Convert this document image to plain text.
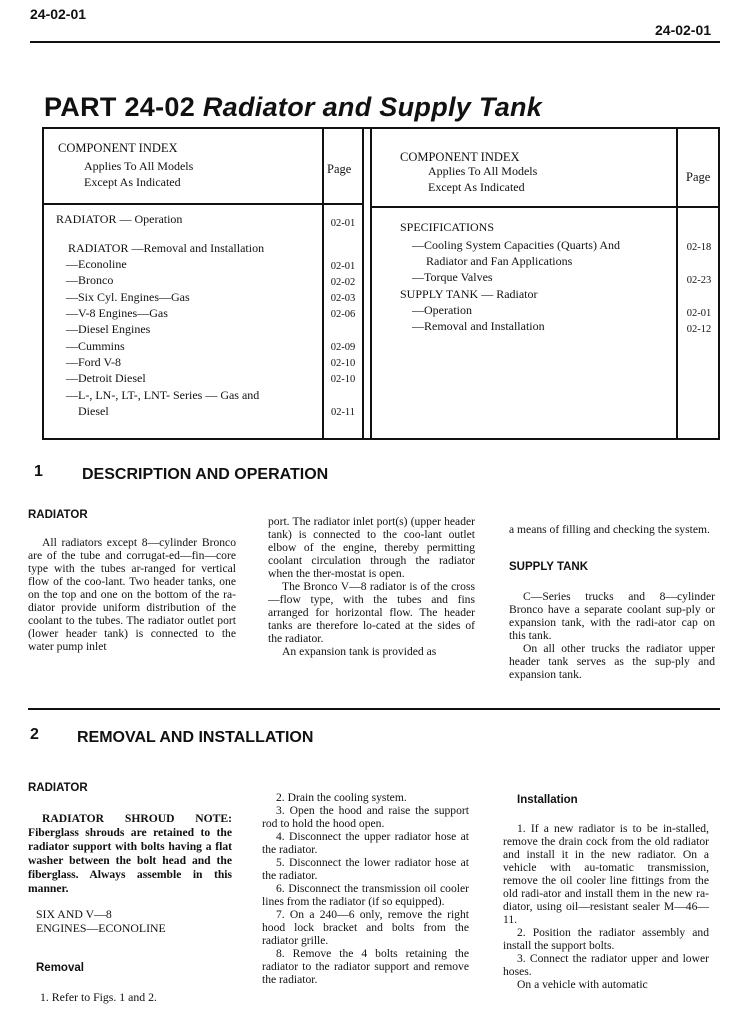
24-02-01
24-02-01
PART 24-02 Radiator and Supply Tank
COMPONENT INDEX
Applies To All Models
Except As Indicated
Page
RADIATOR — Operation
RADIATOR —Removal and Installation
—Econoline
—Bronco
—Six Cyl. Engines—Gas
—V-8 Engines—Gas
—Diesel Engines
—Cummins
—Ford V-8
—Detroit Diesel
—L-, LN-, LT-, LNT- Series — Gas and
Diesel
02-01
02-01
02-02
02-03
02-06
02-09
02-10
02-10
02-11
COMPONENT INDEX
Applies To All Models
Except As Indicated
Page
SPECIFICATIONS
—Cooling System Capacities (Quarts) And
Radiator and Fan Applications
—Torque Valves
SUPPLY TANK — Radiator
—Operation
—Removal and Installation
02-18
02-23
02-01
02-12
1 DESCRIPTION AND OPERATION
RADIATOR

All radiators except 8—cylinder Bronco are of the tube and corrugat-ed—fin—core type with the tubes ar-ranged for vertical flow of the coo-lant. Two header tanks, one on the top and one on the bottom of the ra-diator provide uniform distribution of the coolant to the tubes. The radiator outlet port (lower header tank) is connected to the water pump inlet

port. The radiator inlet port(s) (upper header tank) is connected to the coo-lant outlet elbow of the engine, thereby permitting coolant circulation through the radiator when the ther-mostat is open.

The Bronco V—8 radiator is of the cross—flow type, with the tubes and fins arranged for horizontal flow. The header tanks are therefore lo-cated at the sides of the radiator.

An expansion tank is provided as

a means of filling and checking the system.

SUPPLY TANK

C—Series trucks and 8—cylinder Bronco have a separate coolant sup-ply or expansion tank, with the radi-ator cap on this tank.

On all other trucks the radiator upper header tank serves as the sup-ply and expansion tank.

2 REMOVAL AND INSTALLATION
RADIATOR

RADIATOR SHROUD NOTE: Fiberglass shrouds are retained to the radiator support with bolts having a flat washer between the bolt head and the fiberglass. Always assemble in this manner.

SIX AND V—8
ENGINES—ECONOLINE
Removal
1. Refer to Figs. 1 and 2.

2. Drain the cooling system.

3. Open the hood and raise the support rod to hold the hood open.

4. Disconnect the upper radiator hose at the radiator.

5. Disconnect the lower radiator hose at the radiator.

6. Disconnect the transmission oil cooler lines from the radiator (if so equipped).

7. On a 240—6 only, remove the right hood lock bracket and bolts from the radiator grille.

8. Remove the 4 bolts retaining the radiator to the radiator support and remove the radiator.

Installation

1. If a new radiator is to be in-stalled, remove the drain cock from the old radiator and install it in the new radiator. On a vehicle with au-tomatic transmission, remove the oil cooler line fittings from the old radi-ator and install them in the new ra-diator, using oil—resistant sealer M—46—11.

2. Position the radiator assembly and install the support bolts.

3. Connect the radiator upper and lower hoses.

On a vehicle with automatic
